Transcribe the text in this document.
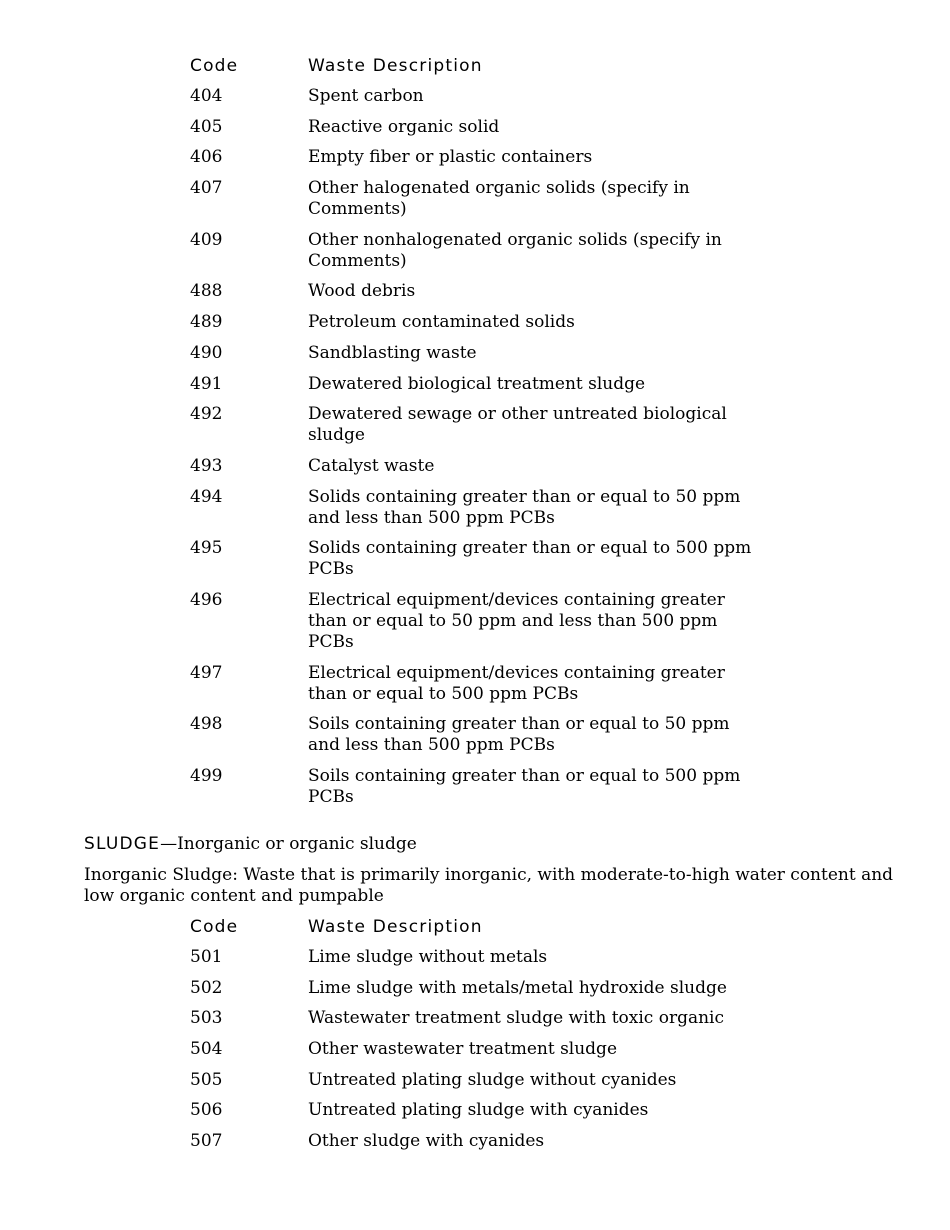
Code	Waste Description
404	Spent carbon
405	Reactive organic solid
406	Empty fiber or plastic containers
407	Other halogenated organic solids (specify in Comments)
409	Other nonhalogenated organic solids (specify in Comments)
488	Wood debris
489	Petroleum contaminated solids
490	Sandblasting waste
491	Dewatered biological treatment sludge
492	Dewatered sewage or other untreated biological sludge
493	Catalyst waste
494	Solids containing greater than or equal to 50 ppm and less than 500 ppm PCBs
495	Solids containing greater than or equal to 500 ppm PCBs
496	Electrical equipment/devices containing greater than or equal to 50 ppm and less than 500 ppm PCBs
497	Electrical equipment/devices containing greater than or equal to 500 ppm PCBs
498	Soils containing greater than or equal to 50 ppm and less than 500 ppm PCBs
499	Soils containing greater than or equal to 500 ppm PCBs
SLUDGE—Inorganic or organic sludge
Inorganic Sludge: Waste that is primarily inorganic, with moderate-to-high water content and low organic content and pumpable
Code	Waste Description
501	Lime sludge without metals
502	Lime sludge with metals/metal hydroxide sludge
503	Wastewater treatment sludge with toxic organic
504	Other wastewater treatment sludge
505	Untreated plating sludge without cyanides
506	Untreated plating sludge with cyanides
507	Other sludge with cyanides
